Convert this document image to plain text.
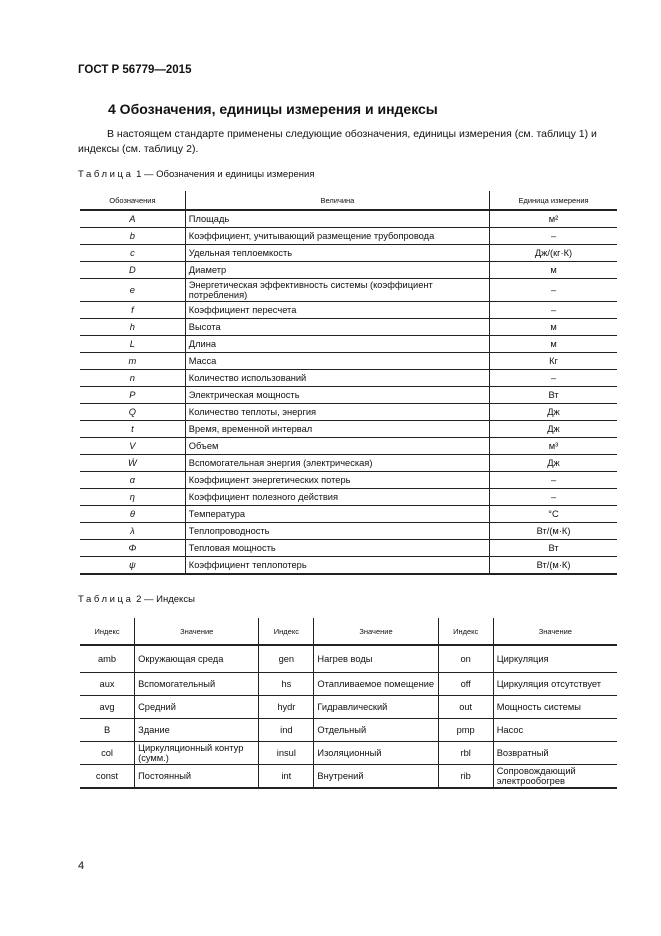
ГОСТ Р 56779—2015
4 Обозначения, единицы измерения и индексы
В настоящем стандарте применены следующие обозначения, единицы измерения (см. таблицу 1) и индексы (см. таблицу 2).
Таблица 1 — Обозначения и единицы измерения
Обозначения	Величина	Единица измерения
A	Площадь	м²
b	Коэффициент, учитывающий размещение трубопровода	–
c	Удельная теплоемкость	Дж/(кг·К)
D	Диаметр	м
e	Энергетическая эффективность системы (коэффициент потребления)	–
f	Коэффициент пересчета	–
h	Высота	м
L	Длина	м
m	Масса	Кг
n	Количество использований	–
P	Электрическая мощность	Вт
Q	Количество теплоты, энергия	Дж
t	Время, временной интервал	Дж
V	Объем	м³
Ẇ	Вспомогательная энергия (электрическая)	Дж
α	Коэффициент энергетических потерь	–
η	Коэффициент полезного действия	–
θ	Температура	°C
λ	Теплопроводность	Вт/(м·К)
Φ	Тепловая мощность	Вт
ψ	Коэффициент теплопотерь	Вт/(м·К)
Таблица 2 — Индексы
Индекс	Значение	Индекс	Значение	Индекс	Значение
amb	Окружающая среда	gen	Нагрев воды	on	Циркуляция
aux	Вспомогательный	hs	Отапливаемое помещение	off	Циркуляция отсутствует
avg	Средний	hydr	Гидравлический	out	Мощность системы
B	Здание	ind	Отдельный	pmp	Насос
col	Циркуляционный контур (сумм.)	insul	Изоляционный	rbl	Возвратный
const	Постоянный	int	Внутрений	rib	Сопровождающий электрообогрев
4
